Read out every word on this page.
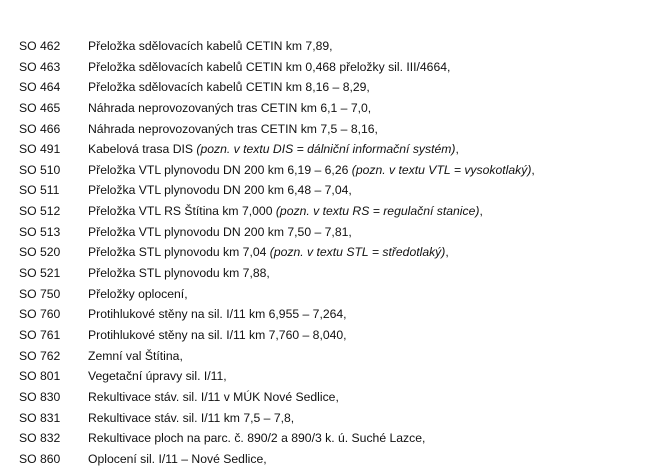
SO 462	Přeložka sdělovacích kabelů CETIN km 7,89,
SO 463	Přeložka sdělovacích kabelů CETIN km 0,468 přeložky sil. III/4664,
SO 464	Přeložka sdělovacích kabelů CETIN km 8,16 – 8,29,
SO 465	Náhrada neprovozovaných tras CETIN km 6,1 – 7,0,
SO 466	Náhrada neprovozovaných tras CETIN km 7,5 – 8,16,
SO 491	Kabelová trasa DIS (pozn. v textu DIS = dálniční informační systém),
SO 510	Přeložka VTL plynovodu DN 200 km 6,19 – 6,26 (pozn. v textu VTL = vysokotlaký),
SO 511	Přeložka VTL plynovodu DN 200 km 6,48 – 7,04,
SO 512	Přeložka VTL RS Štítina km 7,000 (pozn. v textu RS = regulační stanice),
SO 513	Přeložka VTL plynovodu DN 200 km 7,50 – 7,81,
SO 520	Přeložka STL plynovodu km 7,04 (pozn. v textu STL = středotlaký),
SO 521	Přeložka STL plynovodu km 7,88,
SO 750	Přeložky oplocení,
SO 760	Protihlukové stěny na sil. I/11 km 6,955 – 7,264,
SO 761	Protihlukové stěny na sil. I/11 km 7,760 – 8,040,
SO 762	Zemní val Štítina,
SO 801	Vegetační úpravy sil. I/11,
SO 830	Rekultivace stáv. sil. I/11 v MÚK Nové Sedlice,
SO 831	Rekultivace stáv. sil. I/11 km 7,5 – 7,8,
SO 832	Rekultivace ploch na parc. č. 890/2 a 890/3 k. ú. Suché Lazce,
SO 860	Oplocení sil. I/11 – Nové Sedlice,
